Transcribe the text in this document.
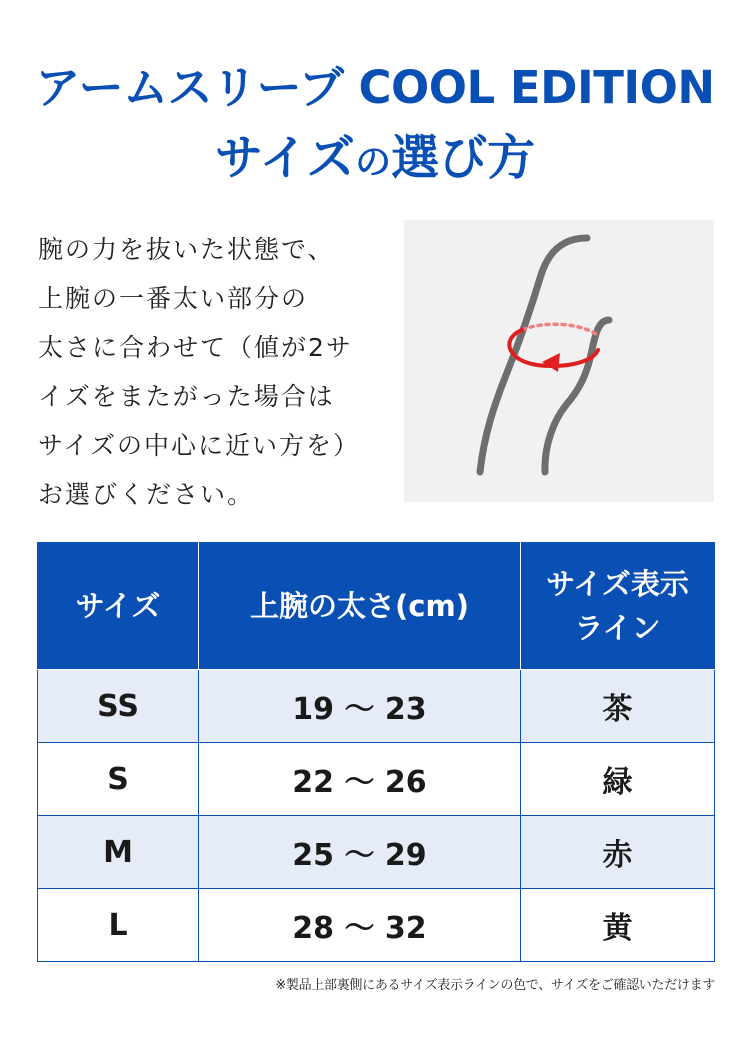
アームスリーブ COOL EDITION
サイズの選び方
腕の力を抜いた状態で、
上腕の一番太い部分の
太さに合わせて（値が2サ
イズをまたがった場合は
サイズの中心に近い方を）
お選びください。
サイズ	上腕の太さ(cm)	サイズ表示
ライン
SS	19 ～ 23	茶
S	22 ～ 26	緑
M	25 ～ 29	赤
L	28 ～ 32	黄
※製品上部裏側にあるサイズ表示ラインの色で、サイズをご確認いただけます
